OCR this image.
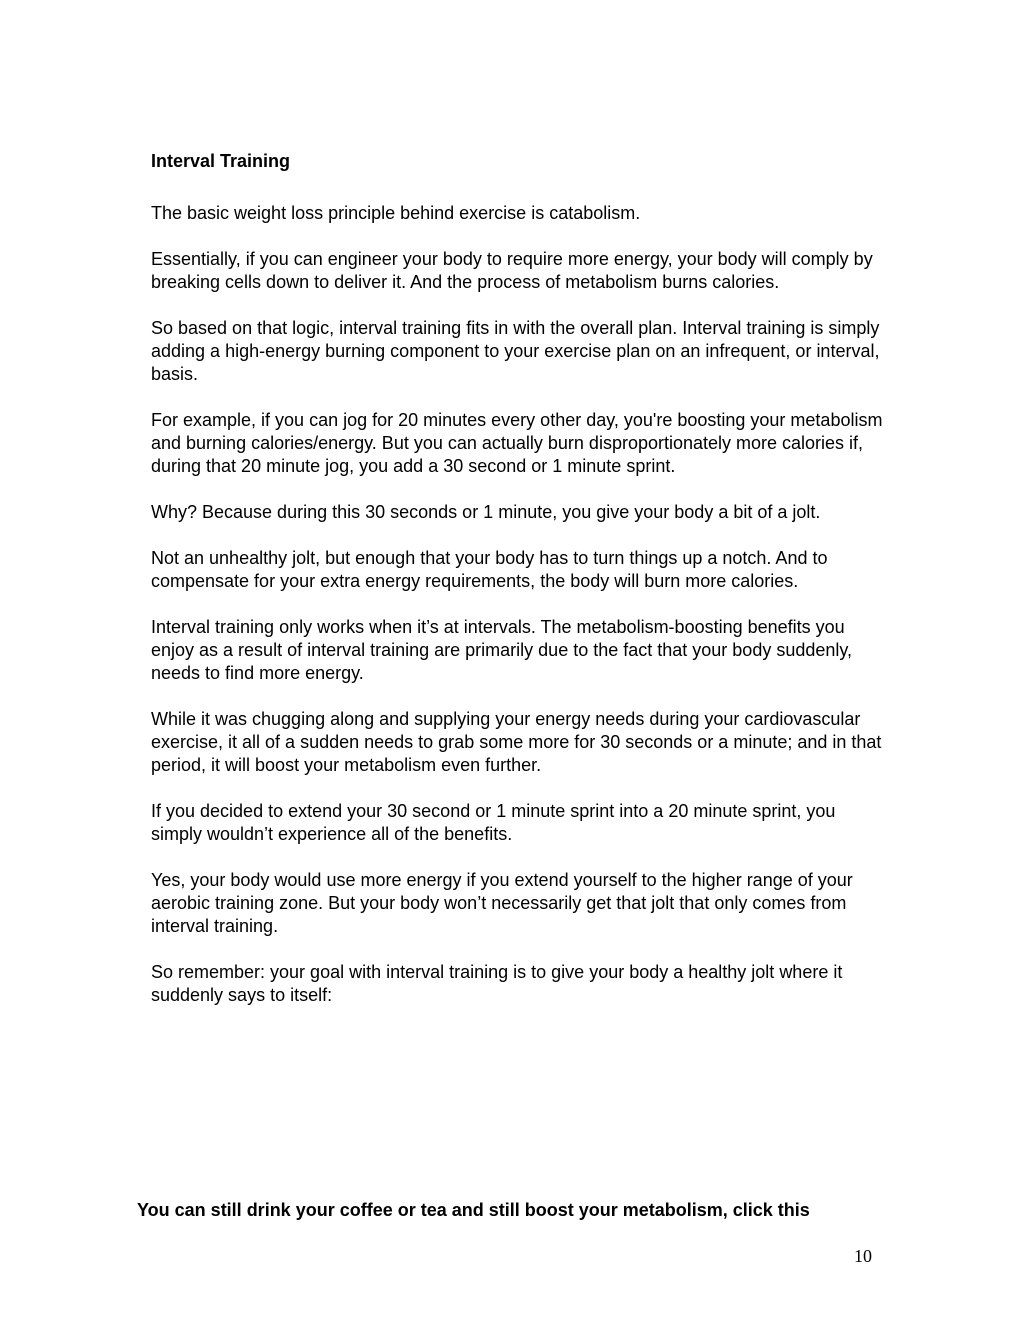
Interval Training

The basic weight loss principle behind exercise is catabolism.

Essentially, if you can engineer your body to require more energy, your body will comply by breaking cells down to deliver it. And the process of metabolism burns calories.

So based on that logic, interval training fits in with the overall plan. Interval training is simply adding a high-energy burning component to your exercise plan on an infrequent, or interval, basis.

For example, if you can jog for 20 minutes every other day, you're boosting your metabolism and burning calories/energy. But you can actually burn disproportionately more calories if, during that 20 minute jog, you add a 30 second or 1 minute sprint.

Why? Because during this 30 seconds or 1 minute, you give your body a bit of a jolt.

Not an unhealthy jolt, but enough that your body has to turn things up a notch. And to compensate for your extra energy requirements, the body will burn more calories.

Interval training only works when it’s at intervals. The metabolism-boosting benefits you enjoy as a result of interval training are primarily due to the fact that your body suddenly, needs to find more energy.

While it was chugging along and supplying your energy needs during your cardiovascular exercise, it all of a sudden needs to grab some more for 30 seconds or a minute; and in that period, it will boost your metabolism even further.

If you decided to extend your 30 second or 1 minute sprint into a 20 minute sprint, you simply wouldn’t experience all of the benefits.

Yes, your body would use more energy if you extend yourself to the higher range of your aerobic training zone. But your body won’t necessarily get that jolt that only comes from interval training.

So remember: your goal with interval training is to give your body a healthy jolt where it suddenly says to itself:

You can still drink your coffee or tea and still boost your metabolism, click this
10
